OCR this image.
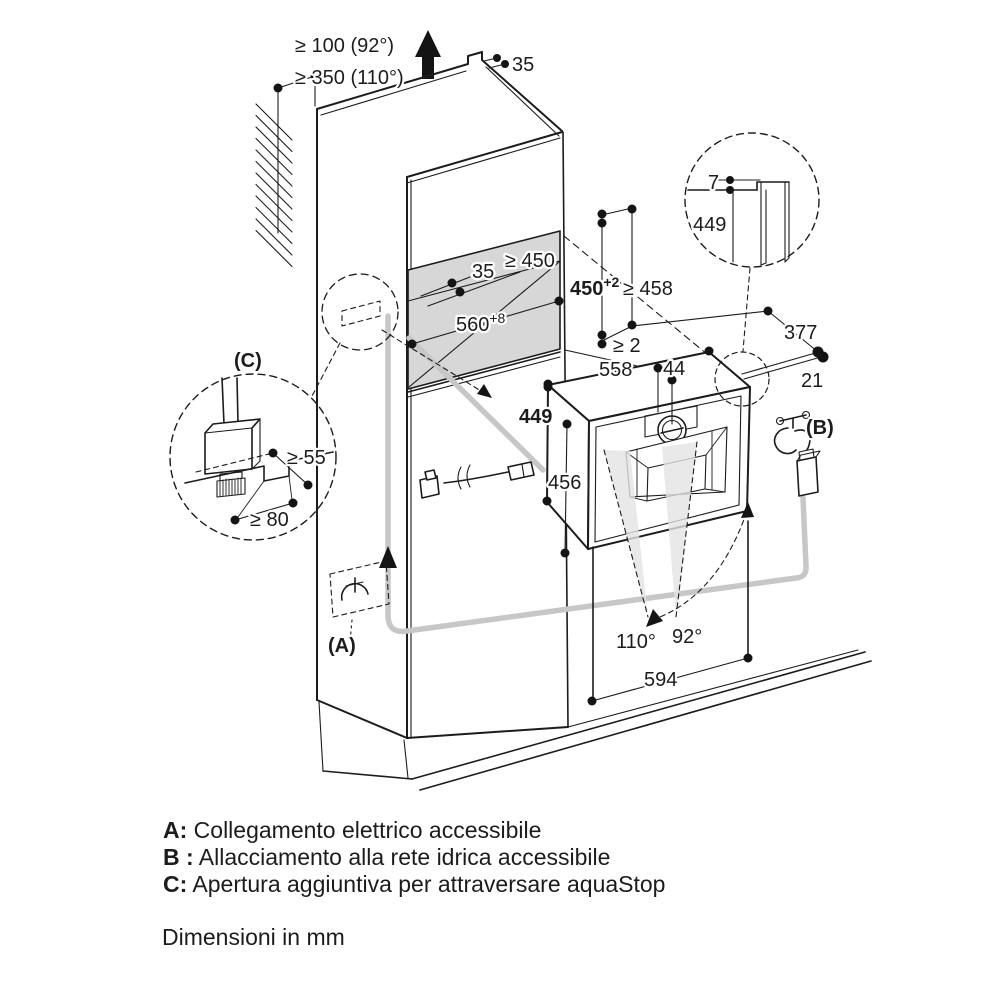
≥ 100 (92°)
≥ 350 (110°)
35
35 ≥ 450
$560^{+8}$
$450^{+2} \ge 458$
≥ 2
558 44
449
456
377
21
7
449
(C)
≥ 55
≥ 80
(A)
(B)
110° 92°
594
A: Collegamento elettrico accessibile
B : Allacciamento alla rete idrica accessibile
C: Apertura aggiuntiva per attraversare aquaStop
Dimensioni in mm
